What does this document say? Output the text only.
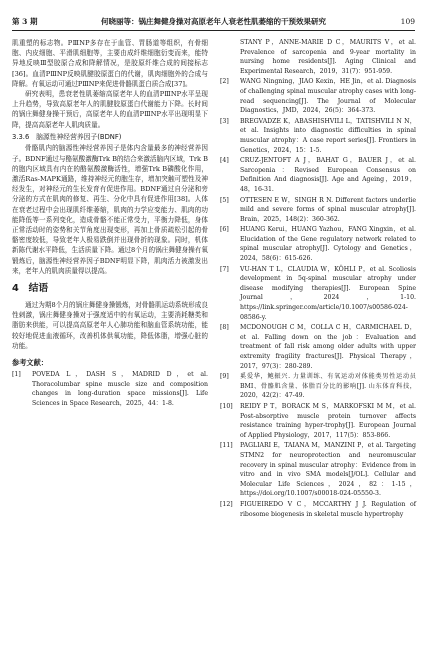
第 3 期	何晓丽等：锅庄舞健身操对高原老年人衰老性肌萎缩的干预效果研究	109

肌重塑的标志物。PⅢNP多存在于血管、胃肠道等组织，有骨细胞、内皮细胞、平滑肌细胞等，主要由成纤维细胞衍变而来，能特异地反映Ⅲ型胶原合成和降解情况，是胶原纤维合成的间接标志[36]。血清PⅢNP反映肌腱胶原蛋白的代谢，肌肉细胞外的合成与降解。有氧运动可通过PⅢNP来促进骨骼肌蛋白质合成[37]。

研究表明，患衰老性肌萎缩高原老年人的血清PⅢNP水平呈现上升趋势，导致高原老年人的肌腱胶原蛋白代谢能力下降。长时间的锅庄舞健身操干预后，高原老年人的血清PⅢNP水平出现明显下降，提高高原老年人肌肉质量。

3.3.6　脑源性神经营养因子(BDNF)

骨骼肌内的脑源性神经营养因子是体内含量最多的神经营养因子。BDNF通过与酪氨酸激酶Trk B的结合来激活脑内区域，Trk B的胞内区域具有内在的酪氨酸激酶活性，增强Trk B磷酸化作用，激活Ras-MAPK通路，维持神经元的胞生存，增加突触可塑性及神经发生，对神经元的生长发育有促进作用。BDNF通过自分泌和旁分泌的方式在肌肉的修复、再生、分化中具有促进作用[38]。人体在衰老过程中会出现肌纤维萎缩，肌肉的力学应变能力、肌肉的功能降低等一系列变化，造成骨骼不能正常受力，平衡力降低，身体正常活动时的姿势和关节角度出现变形，再加上骨质疏松引起的骨骼密度较低，导致老年人极易跌倒并出现骨折的现象。同时，机体新陈代谢水平降低，生活质量下降。通过8个月的锅庄舞健身操有氧锻炼后，脑源性神经营养因子BDNF明显下降，肌肉活力被激发出来，老年人的肌肉质量得以提高。

4　结语

通过为期8个月的锅庄舞健身操锻炼，对骨骼肌运动系统形成良性刺激，锅庄舞健身操对于强度适中的有氧运动，主要消耗糖类和脂肪来供能，可以提高高原老年人心肺功能和脑血管系统功能，能较好地促进血液循环，改善机体供氧功能，降低体脂，增强心脏的功能。

参考文献：
[1]	POVEDA L，DASH S，MADRID D，et al. Thoracolumbar spine muscle size and composition changes in long-duration space missions[J]. Life Sciences in Space Research，2025，44：1-8.
STANY P，ANNE-MARIE D C，MAURITS V，et al. Prevalence of sarcopenia and 9-year mortality in nursing home residents[J]. Aging Clinical and Experimental Research，2019，31(7)：951-959.
[2]	WANG Ningning，JIAO Kexin，HE Jin，et al. Diagnosis of challenging spinal muscular atrophy cases with long-read sequencing[J]. The Journal of Molecular Diagnostics，JMD，2024，26(5)：364-373.
[3]	BREGVADZE K，ABASHISHVILI L，TATISHVILI N N，et al. Insights into diagnostic difficulties in spinal muscular atrophy：A case report series[J]. Frontiers in Genetics，2024，15：1-5.
[4]	CRUZ-JENTOFT A J，BAHAT G，BAUER J，et al. Sarcopenia：Revised European Consensus on Definition And diagnosis[J]. Age and Ageing，2019，48，16-31.
[5]	OTTESEN E W，SINGH R N. Different factors underlie mild and severe forms of spinal muscular atrophy[J]. Brain，2025，148(2)：360-362.
[6]	HUANG Kerui，HUANG Yazhou，FANG Xingxin，et al. Elucidation of the Gene regulatory network related to spinal muscular atrophy[J]. Cytology and Genetics，2024，58(6)：615-626.
[7]	VU-HAN T L，CLAUDIA W，KÖHLI P，et al. Scoliosis development in 5q-spinal muscular atrophy under disease modifying therapies[J]. European Spine Journal，2024，1-10. https://link.springer.com/article/10.1007/s00586-024-08586-y.
[8]	MCDONOUGH C M，COLLA C H，CARMICHAEL D，et al. Falling down on the job：Evaluation and treatment of fall risk among older adults with upper extremity fragility fractures[J]. Physical Therapy，2017，97(3)：280-289.
[9]	奚爱华，鲍振兴. 力量训练、有氧运动对体能类男性运动员BMI、骨骼肌含量、体脂百分比的影响[J]. 山东体育科技，2020，42(2)：47-49.
[10]	REIDY P T，BORACK M S，MARKOFSKI M M，et al. Post-absorptive muscle protein turnover affects resistance training hyper-trophy[J]. European Journal of Applied Physiology，2017，117(5)：853-866.
[11]	PAGLIARI E，TAIANA M，MANZINI P，et al. Targeting STMN2 for neuroprotection and neuromuscular recovery in spinal muscular atrophy：Evidence from in vitro and in vivo SMA models[J/OL]. Cellular and Molecular Life Sciences，2024，82：1-15，https://doi.org/10.1007/s00018-024-05550-3.
[12]	FIGUEIREDO V C，MCCARTHY J J. Regulation of ribosome biogenesis in skeletal muscle hypertrophy
